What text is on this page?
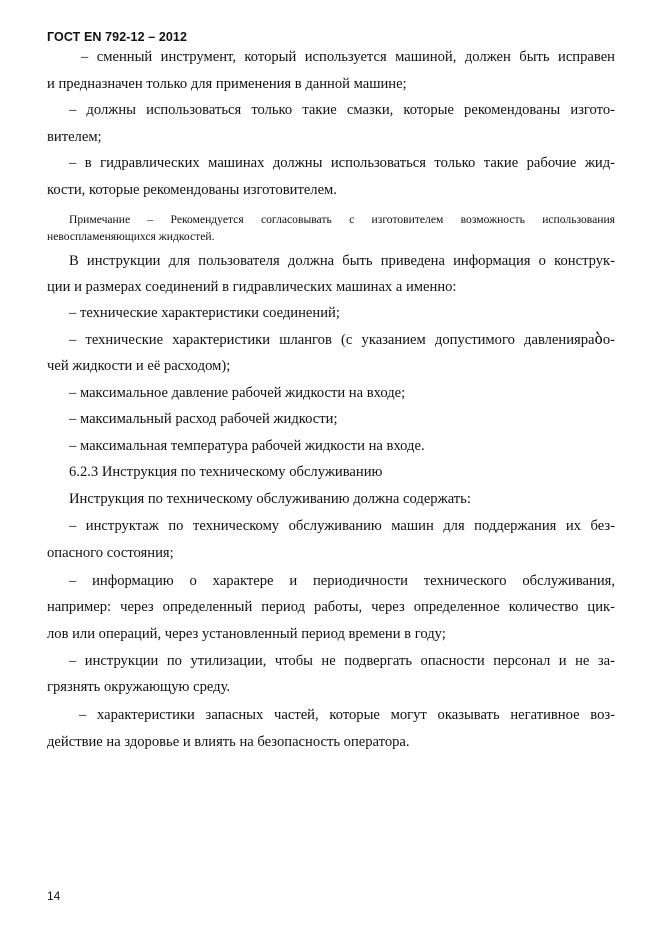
ГОСТ EN 792-12 – 2012
– сменный инструмент, который используется машиной, должен быть исправен
и предназначен только для применения в данной машине;
– должны использоваться только такие смазки, которые рекомендованы изгото-
вителем;
– в гидравлических машинах должны использоваться только такие рабочие жид-
кости, которые рекомендованы изготовителем.
Примечание – Рекомендуется согласовывать с изготовителем возможность использования
невоспламеняющихся жидкостей.
В инструкции для пользователя должна быть приведена информация о конструк-
ции и размерах соединений в гидравлических машинах а именно:
– технические характеристики соединений;
– технические характеристики шлангов (с указанием допустимого давленияраბо-
чей жидкости и её расходом);
– максимальное давление рабочей жидкости на входе;
– максимальный расход рабочей жидкости;
– максимальная температура рабочей жидкости на входе.
6.2.3 Инструкция по техническому обслуживанию
Инструкция по техническому обслуживанию должна содержать:
– инструктаж по техническому обслуживанию машин для поддержания их без-
опасного состояния;
– информацию о характере и периодичности технического обслуживания,
например: через определенный период работы, через определенное количество цик-
лов или операций, через установленный период времени в году;
– инструкции по утилизации, чтобы не подвергать опасности персонал и не за-
грязнять окружающую среду.
– характеристики запасных частей, которые могут оказывать негативное воз-
действие на здоровье и влиять на безопасность оператора.
14
